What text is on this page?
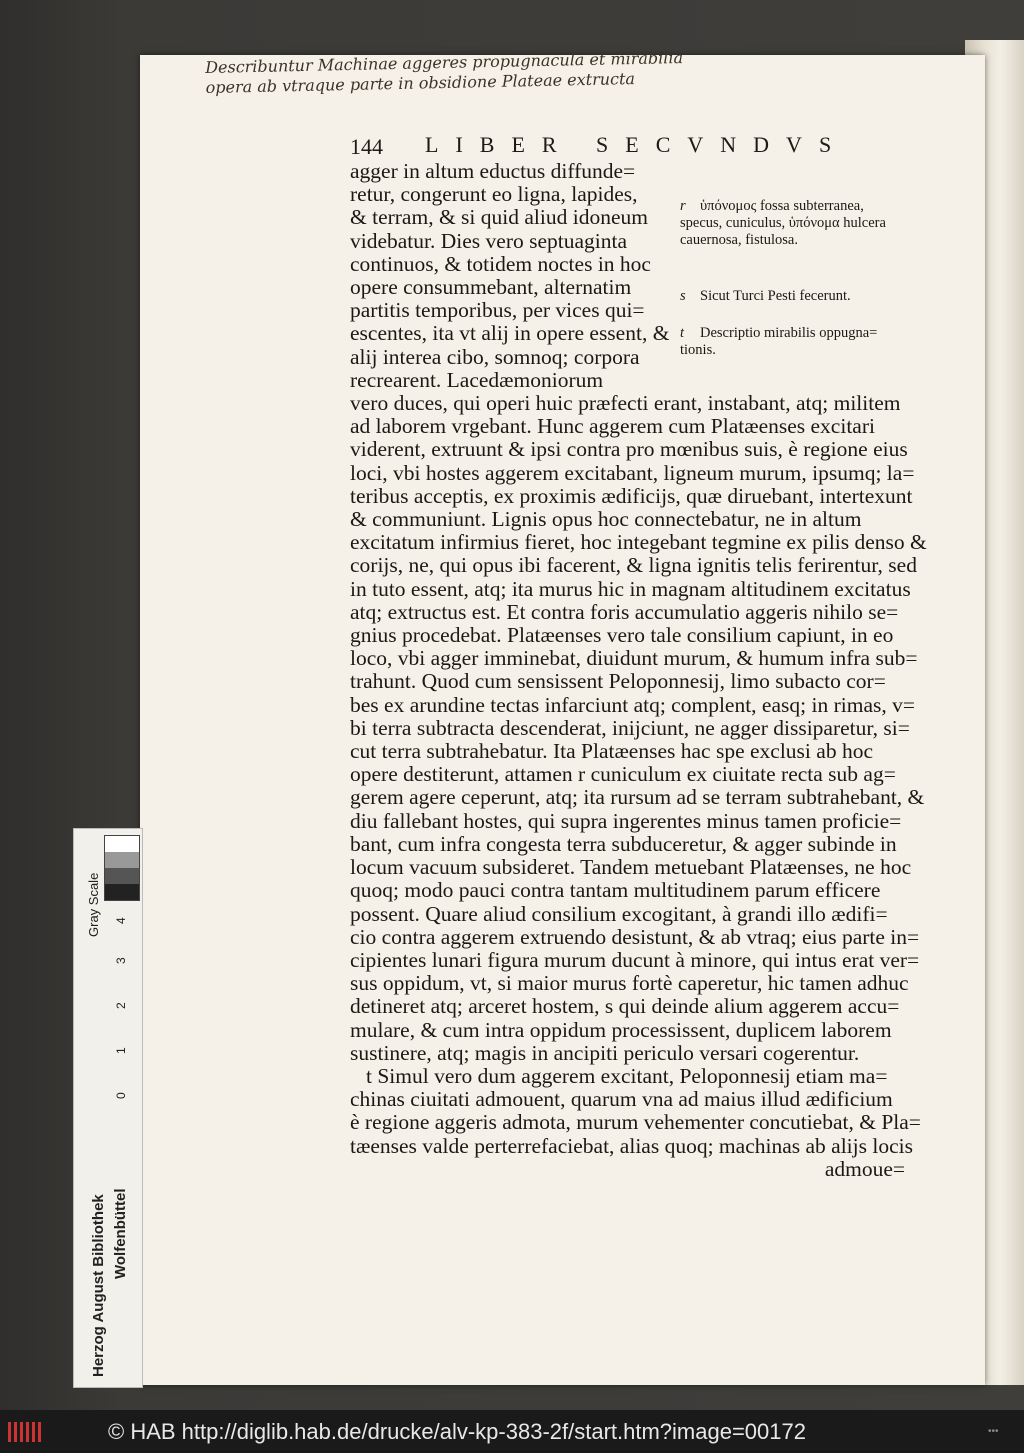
Describuntur Machinae aggeres propugnacula et mirabilia
opera ab vtraque parte in obsidione Plateae extructa
144 LIBER SECVNDVS
agger in altum eductus diffunde=
retur, congerunt eo ligna, lapides,
& terram, & si quid aliud idoneum
videbatur. Dies vero septuaginta
continuos, & totidem noctes in hoc
opere consummebant, alternatim
partitis temporibus, per vices qui=
escentes, ita vt alij in opere essent, &
alij interea cibo, somnoq; corpora
recrearent. Lacedæmoniorum
vero duces, qui operi huic præfecti erant, instabant, atq; militem
ad laborem vrgebant. Hunc aggerem cum Platæenses excitari
viderent, extruunt & ipsi contra pro mœnibus suis, è regione eius
loci, vbi hostes aggerem excitabant, ligneum murum, ipsumq; la=
teribus acceptis, ex proximis ædificijs, quæ diruebant, intertexunt
& communiunt. Lignis opus hoc connectebatur, ne in altum
excitatum infirmius fieret, hoc integebant tegmine ex pilis denso &
corijs, ne, qui opus ibi facerent, & ligna ignitis telis ferirentur, sed
in tuto essent, atq; ita murus hic in magnam altitudinem excitatus
atq; extructus est. Et contra foris accumulatio aggeris nihilo se=
gnius procedebat. Platæenses vero tale consilium capiunt, in eo
loco, vbi agger imminebat, diuidunt murum, & humum infra sub=
trahunt. Quod cum sensissent Peloponnesij, limo subacto cor=
bes ex arundine tectas infarciunt atq; complent, easq; in rimas, v=
bi terra subtracta descenderat, inijciunt, ne agger dissiparetur, si=
cut terra subtrahebatur. Ita Platæenses hac spe exclusi ab hoc
opere destiterunt, attamen r cuniculum ex ciuitate recta sub ag=
gerem agere ceperunt, atq; ita rursum ad se terram subtrahebant, &
diu fallebant hostes, qui supra ingerentes minus tamen proficie=
bant, cum infra congesta terra subduceretur, & agger subinde in
locum vacuum subsideret. Tandem metuebant Platæenses, ne hoc
quoq; modo pauci contra tantam multitudinem parum efficere
possent. Quare aliud consilium excogitant, à grandi illo ædifi=
cio contra aggerem extruendo desistunt, & ab vtraq; eius parte in=
cipientes lunari figura murum ducunt à minore, qui intus erat ver=
sus oppidum, vt, si maior murus fortè caperetur, hic tamen adhuc
detineret atq; arceret hostem, s qui deinde alium aggerem accu=
mulare, & cum intra oppidum processissent, duplicem laborem
sustinere, atq; magis in ancipiti periculo versari cogerentur.
t Simul vero dum aggerem excitant, Peloponnesij etiam ma=
chinas ciuitati admouent, quarum vna ad maius illud ædificium
è regione aggeris admota, murum vehementer concutiebat, & Pla=
tæenses valde perterrefaciebat, alias quoq; machinas ab alijs locis
admoue=
r ὑπόνομος fossa subterranea,
specus, cuniculus, ὑπόνομα hulcera
cauernosa, fistulosa.
s Sicut Turci Pesti fecerunt.
t Descriptio mirabilis oppugna=
tionis.
Gray Scale 4
3
2
1
0
Herzog August Bibliothek Wolfenbüttel
© HAB http://diglib.hab.de/drucke/alv-kp-383-2f/start.htm?image=00172	•••
